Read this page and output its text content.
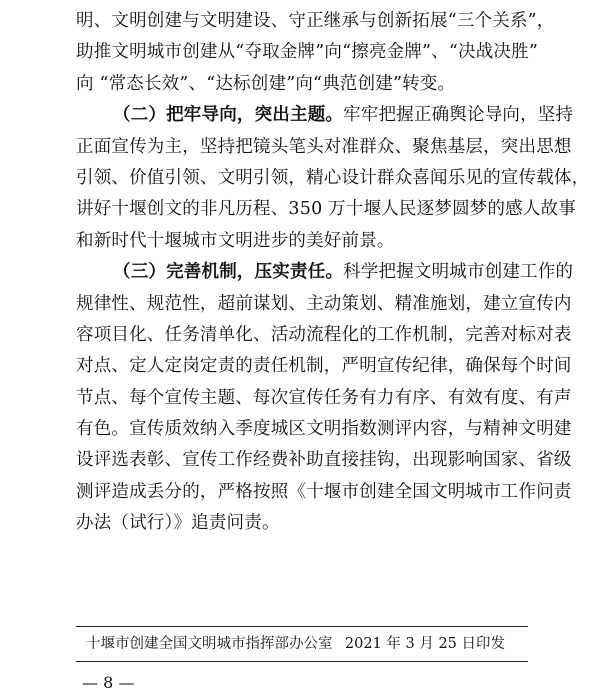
明、文明创建与文明建设、守正继承与创新拓展“三个关系”，
助推文明城市创建从“夺取金牌”向“擦亮金牌”、“决战决胜”
向 “常态长效”、“达标创建”向“典范创建”转变。
（二）把牢导向，突出主题。牢牢把握正确舆论导向，坚持
正面宣传为主，坚持把镜头笔头对准群众、聚焦基层，突出思想
引领、价值引领、文明引领，精心设计群众喜闻乐见的宣传载体，
讲好十堰创文的非凡历程、350 万十堰人民逐梦圆梦的感人故事
和新时代十堰城市文明进步的美好前景。
（三）完善机制，压实责任。科学把握文明城市创建工作的
规律性、规范性，超前谋划、主动策划、精准施划，建立宣传内
容项目化、任务清单化、活动流程化的工作机制，完善对标对表
对点、定人定岗定责的责任机制，严明宣传纪律，确保每个时间
节点、每个宣传主题、每次宣传任务有力有序、有效有度、有声
有色。宣传质效纳入季度城区文明指数测评内容，与精神文明建
设评选表彰、宣传工作经费补助直接挂钩，出现影响国家、省级
测评造成丢分的，严格按照《十堰市创建全国文明城市工作问责
办法（试行）》追责问责。
十堰市创建全国文明城市指挥部办公室 2021 年 3 月 25 日印发
— 8 —
